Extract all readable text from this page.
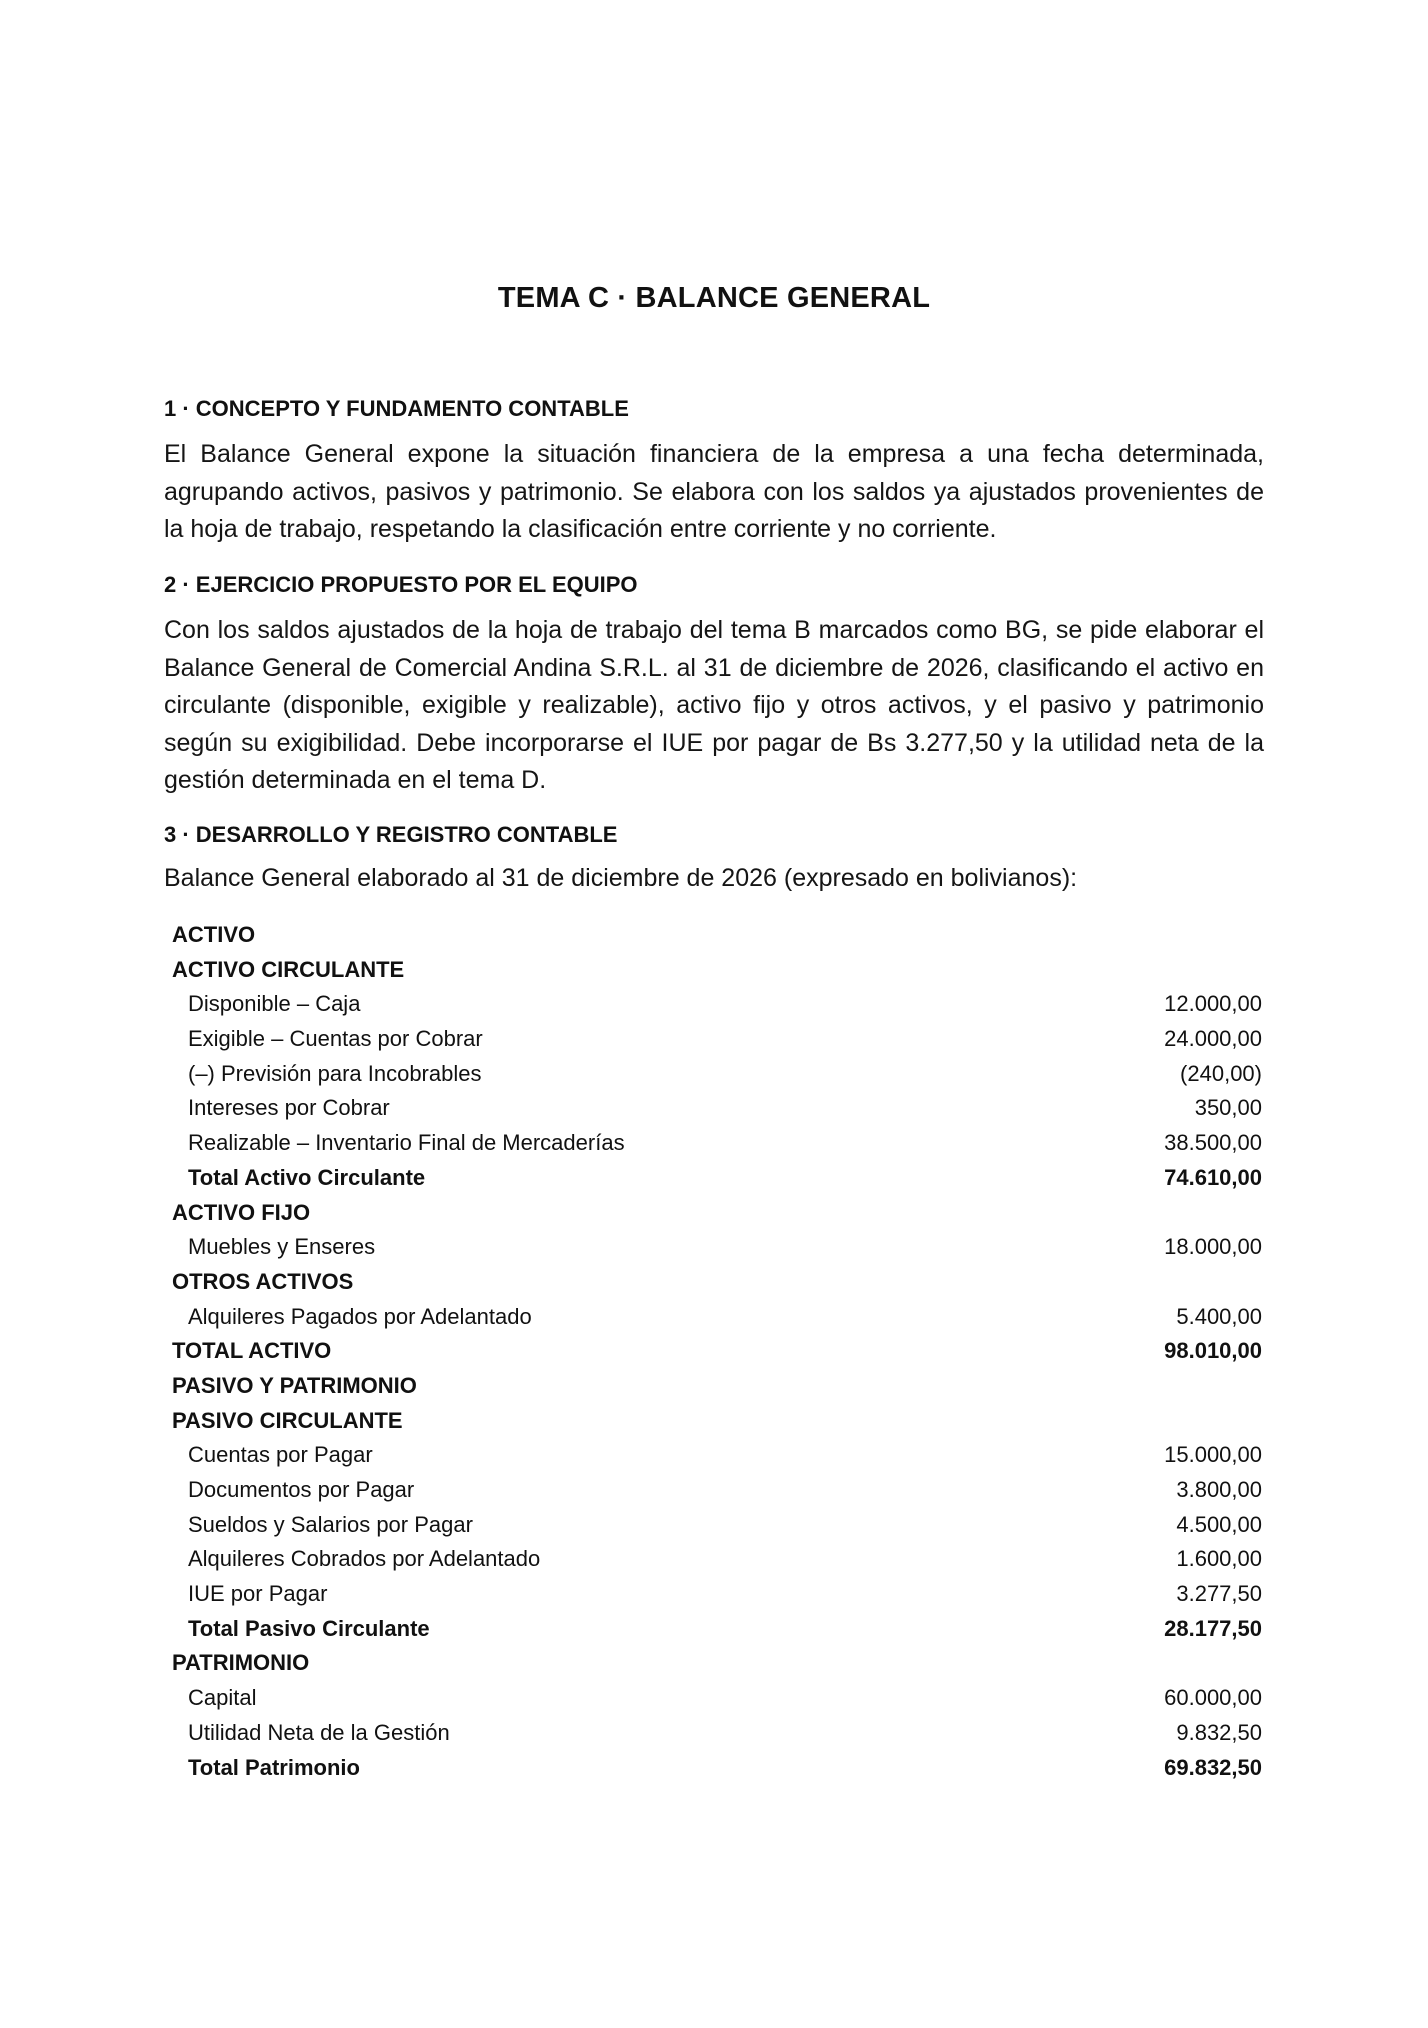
TEMA C · BALANCE GENERAL
1 · CONCEPTO Y FUNDAMENTO CONTABLE
El Balance General expone la situación financiera de la empresa a una fecha determinada, agrupando activos, pasivos y patrimonio. Se elabora con los saldos ya ajustados provenientes de la hoja de trabajo, respetando la clasificación entre corriente y no corriente.
2 · EJERCICIO PROPUESTO POR EL EQUIPO
Con los saldos ajustados de la hoja de trabajo del tema B marcados como BG, se pide elaborar el Balance General de Comercial Andina S.R.L. al 31 de diciembre de 2026, clasificando el activo en circulante (disponible, exigible y realizable), activo fijo y otros activos, y el pasivo y patrimonio según su exigibilidad. Debe incorporarse el IUE por pagar de Bs 3.277,50 y la utilidad neta de la gestión determinada en el tema D.
3 · DESARROLLO Y REGISTRO CONTABLE
Balance General elaborado al 31 de diciembre de 2026 (expresado en bolivianos):
ACTIVO
ACTIVO CIRCULANTE
Disponible – Caja	12.000,00
Exigible – Cuentas por Cobrar	24.000,00
(–) Previsión para Incobrables	(240,00)
Intereses por Cobrar	350,00
Realizable – Inventario Final de Mercaderías	38.500,00
Total Activo Circulante	74.610,00
ACTIVO FIJO
Muebles y Enseres	18.000,00
OTROS ACTIVOS
Alquileres Pagados por Adelantado	5.400,00
TOTAL ACTIVO	98.010,00
PASIVO Y PATRIMONIO
PASIVO CIRCULANTE
Cuentas por Pagar	15.000,00
Documentos por Pagar	3.800,00
Sueldos y Salarios por Pagar	4.500,00
Alquileres Cobrados por Adelantado	1.600,00
IUE por Pagar	3.277,50
Total Pasivo Circulante	28.177,50
PATRIMONIO
Capital	60.000,00
Utilidad Neta de la Gestión	9.832,50
Total Patrimonio	69.832,50
